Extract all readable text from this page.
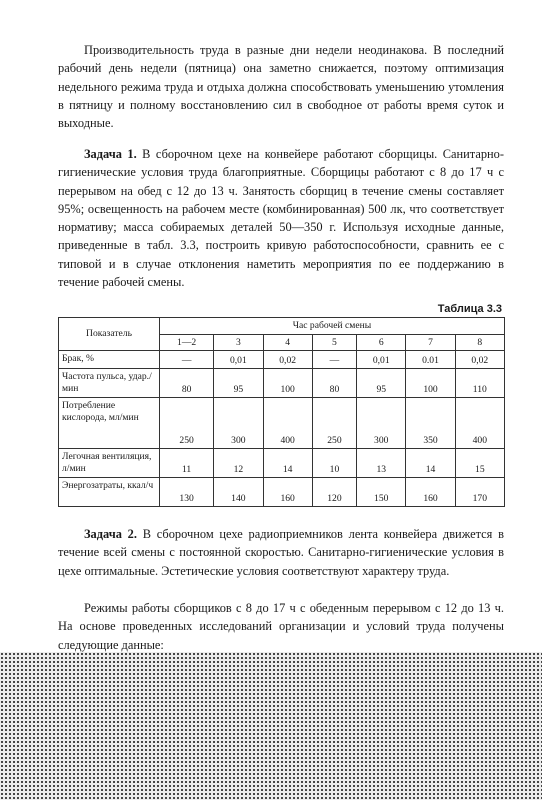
Производительность труда в разные дни недели неодинакова. В последний рабочий день недели (пятница) она заметно снижается, поэтому оптимизация недельного режима труда и отдыха должна способствовать уменьшению утомления в пятницу и полному восстановлению сил в свободное от работы время суток и выходные.
Задача 1. В сборочном цехе на конвейере работают сборщицы. Санитарно-гигиенические условия труда благоприятные. Сборщицы работают с 8 до 17 ч с перерывом на обед с 12 до 13 ч. Занятость сборщиц в течение смены составляет 95%; освещенность на рабочем месте (комбинированная) 500 лк, что соответствует нормативу; масса собираемых деталей 50—350 г. Используя исходные данные, приведенные в табл. 3.3, построить кривую работоспособности, сравнить ее с типовой и в случае отклонения наметить мероприятия по ее поддержанию в течение рабочей смены.
Таблица 3.3
Показатель	Час рабочей смены						
	1—2	3	4	5	6	7	8
Брак, %	—	0,01	0,02	—	0,01	0.01	0,02
Частота пульса, удар./мин	80	95	100	80	95	100	110
Потребление кислорода, мл/мин	250	300	400	250	300	350	400
Легочная вентиляция, л/мин	11	12	14	10	13	14	15
Энергозатраты, ккал/ч	130	140	160	120	150	160	170
Задача 2. В сборочном цехе радиоприемников лента конвейера движется в течение всей смены с постоянной скоростью. Санитарно-гигиенические условия в цехе оптимальные. Эстетические условия соответствуют характеру труда.
Режимы работы сборщиков с 8 до 17 ч с обеденным перерывом с 12 до 13 ч. На основе проведенных исследований организации и условий труда получены следующие данные:
